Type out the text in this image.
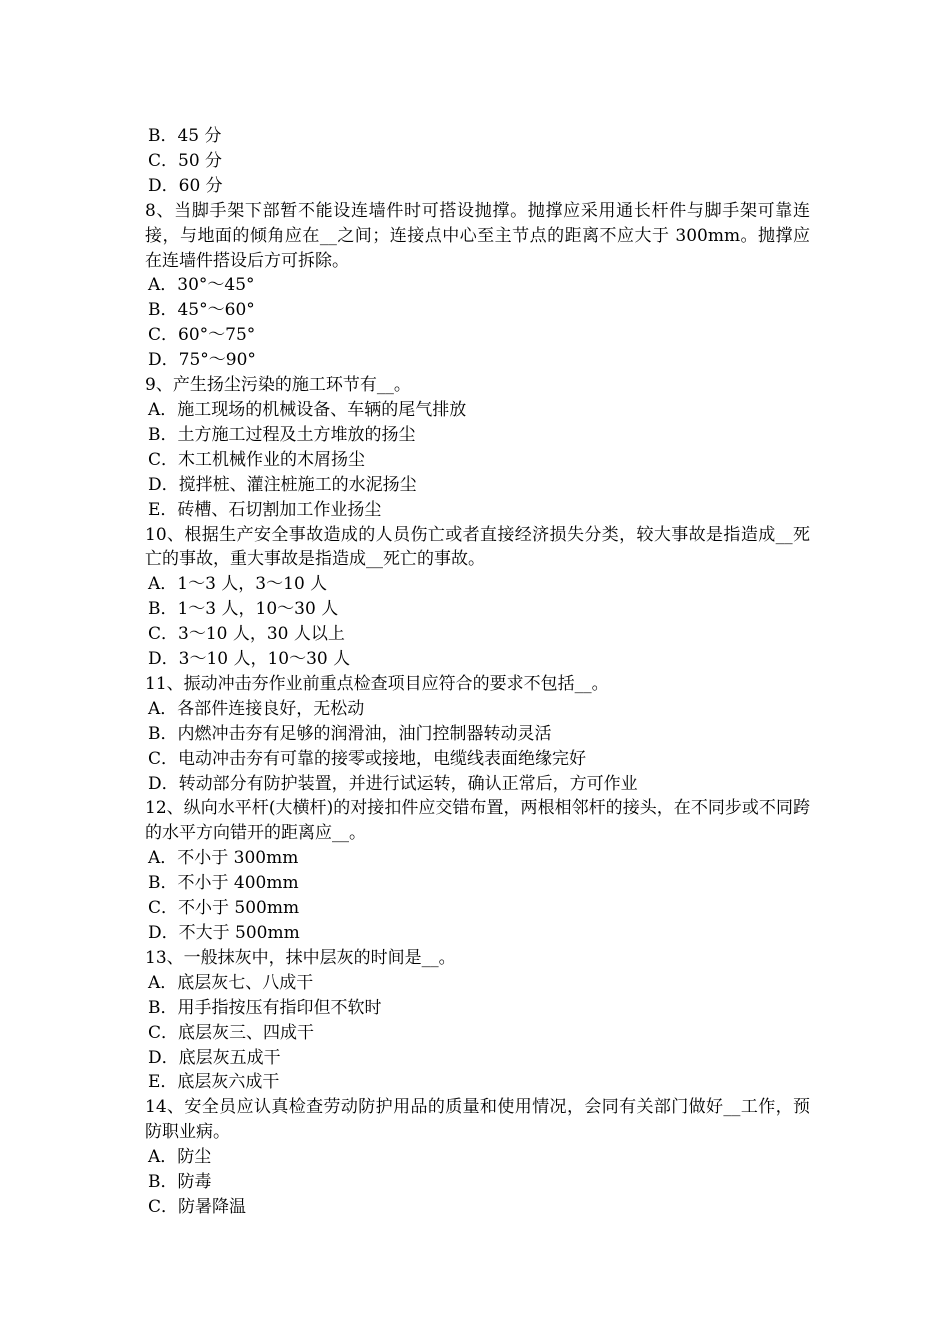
B．45 分
C．50 分
D．60 分
8、当脚手架下部暂不能设连墙件时可搭设抛撑。抛撑应采用通长杆件与脚手架可靠连接，与地面的倾角应在__之间；连接点中心至主节点的距离不应大于 300mm。抛撑应在连墙件搭设后方可拆除。
A．30°～45°
B．45°～60°
C．60°～75°
D．75°～90°
9、产生扬尘污染的施工环节有__。
A．施工现场的机械设备、车辆的尾气排放
B．土方施工过程及土方堆放的扬尘
C．木工机械作业的木屑扬尘
D．搅拌桩、灌注桩施工的水泥扬尘
E．砖槽、石切割加工作业扬尘
10、根据生产安全事故造成的人员伤亡或者直接经济损失分类，较大事故是指造成__死亡的事故，重大事故是指造成__死亡的事故。
A．1～3 人，3～10 人
B．1～3 人，10～30 人
C．3～10 人，30 人以上
D．3～10 人，10～30 人
11、振动冲击夯作业前重点检查项目应符合的要求不包括__。
A．各部件连接良好，无松动
B．内燃冲击夯有足够的润滑油，油门控制器转动灵活
C．电动冲击夯有可靠的接零或接地，电缆线表面绝缘完好
D．转动部分有防护装置，并进行试运转，确认正常后，方可作业
12、纵向水平杆(大横杆)的对接扣件应交错布置，两根相邻杆的接头，在不同步或不同跨的水平方向错开的距离应__。
A．不小于 300mm
B．不小于 400mm
C．不小于 500mm
D．不大于 500mm
13、一般抹灰中，抹中层灰的时间是__。
A．底层灰七、八成干
B．用手指按压有指印但不软时
C．底层灰三、四成干
D．底层灰五成干
E．底层灰六成干
14、安全员应认真检查劳动防护用品的质量和使用情况，会同有关部门做好__工作，预防职业病。
A．防尘
B．防毒
C．防暑降温
